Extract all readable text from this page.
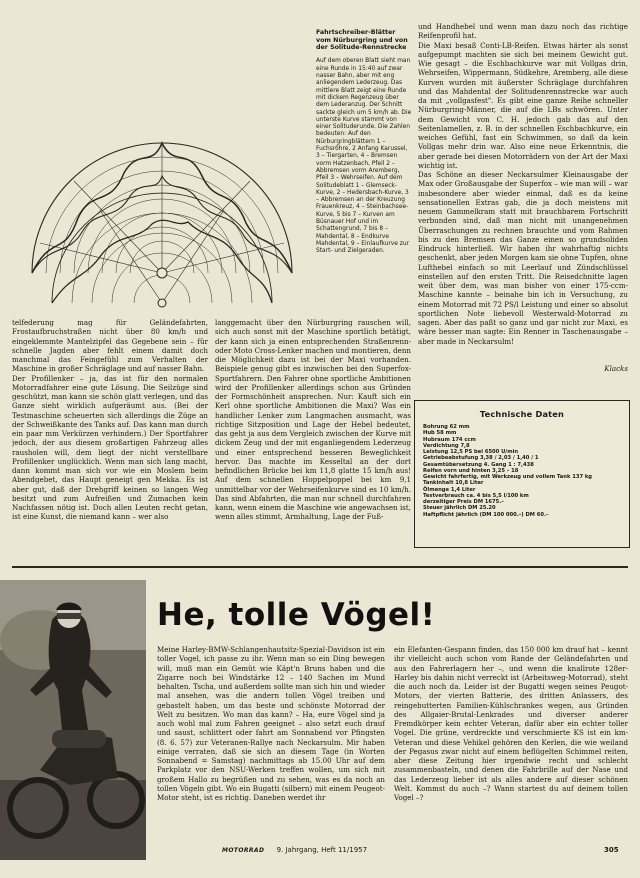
Fahrtschreiber-Blätter vom Nürburgring und von der Solitude-Rennstrecke

Auf dem oberen Blatt sieht man eine Runde in 15:40 auf zwar nasser Bahn, aber mit eng anliegendem Lederzeug. Das mittlere Blatt zeigt eine Runde mit dickem Regenzeug über dem Lederanzug. Der Schnitt sackte gleich um 5 km/h ab. Die unterste Kurve stammt von einer Solituderunde. Die Zahlen bedeuten: Auf den Nürburgringblättern 1 – Fuchsröhre, 2 Anfang Karussel, 3 – Tiergarten, 4 – Bremsen vorm Hatzenbach, Pfeil 2 – Abbremsen vorm Aremberg, Pfeil 3 – Wehrseifen. Auf dem Solitudeblatt 1 – Glemseck-Kurve, 2 – Hedersbach-Kurve, 3 – Abbremsen an der Kreuzung Frauenkreuz, 4 – Steinbachsee-Kurve, 5 bis 7 – Kurven am Büsnauer Hof und im Schattengrund, 7 bis 8 – Mahdental, 8 – Endkurve Mahdental, 9 – Einlaufkurve zur Start- und Zielgeraden.

und Handhebel und wenn man dazu noch das richtige Reifenprofil hat.
Die Maxi besaß Conti-LB-Reifen. Etwas härter als sonst aufgepumpt machten sie sich bei meinem Gewicht gut. Wie gesagt – die Eschbachkurve war mit Vollgas drin, Wehrseifen, Wippermann, Südkehre, Aremberg, alle diese Kurven wurden mit äußerster Schräglage durchfahren und das Mahdental der Solitudenrennstrecke war auch da mit „vollgasfest". Es gibt eine ganze Reihe schneller Nürburgring-Männer, die auf die LBs schwören. Unter dem Gewicht von C. H. jedoch gab das auf den Seitenlamellen, z. B. in der schnellen Eschbachkurve, ein weiches Gefühl, fast ein Schwimmen, so daß da kein Vollgas mehr drin war. Also eine neue Erkenntnis, die aber gerade bei diesen Motorrädern von der Art der Maxi wichtig ist.
Das Schöne an dieser Neckarsulmer Kleinausgabe der Max oder Großausgabe der Superfox – wie man will – war insbesondere aber wieder einmal, daß es da keine sensationellen Extras gab, die ja doch meistens mit neuem Gammelkram statt mit brauchbarem Fortschritt verbunden sind, daß man nicht mit unangenehmen Überraschungen zu rechnen brauchte und vom Rahmen bis zu den Bremsen das Ganze einen so grundsoliden Eindruck hinterließ. Wir haben ihr wahrhaftig nichts geschenkt, aber jeden Morgen kam sie ohne Tupfen, ohne Lufthebel einfach so mit Leerlauf und Zündschlüssel einstellen auf den ersten Tritt. Die Reisedchnitte lagen weit über dem, was man bisher von einer 175-ccm-Maschine kannte – beinahe bin ich in Versuchung, zu einem Motorrad mit 72 PS/l Leistung und einer so absolut sportlichen Note liebevoll Westerwald-Motorrad zu sagen. Aber das paßt so ganz und gar nicht zur Maxi, es wäre besser man sagte: Ein Renner in Taschenausgabe – aber made in Neckarsulm!
Klacks
telfederung mag für Geländefahrten, Frostaufbruchstraßen nicht über 80 km/h und eingeklemmte Mantelzipfel das Gegebene sein – für schnelle Jagden aber fehlt einem damit doch manchmal das Feingefühl zum Verhalten der Maschine in großer Schräglage und auf nasser Bahn.
Der Profillenker – ja, das ist für den normalen Motorradfahrer eine gute Lösung. Die Seilzüge sind geschützt, man kann sie schön glatt verlegen, und das Ganze sieht wirklich aufgeräumt aus. (Bei der Testmaschine scheuerten sich allerdings die Züge an der Schweißkante des Tanks auf. Das kann man durch ein paar mm Verkürzen verhindern.) Der Sportfahrer jedoch, der aus diesem großartigen Fahrzeug alles rausholen will, dem liegt der nicht verstellbare Profillenker unglücklich. Wenn man sich lang macht, dann kommt man sich vor wie ein Moslem beim Abendgebet, das Haupt geneigt gen Mekka. Es ist aber gut, daß der Drehgriff keinen so langen Weg besitzt und zum Aufreißen und Zumachen kein Nachfassen nötig ist. Doch allen Leuten recht getan, ist eine Kunst, die niemand kann – wer also
langgemacht über den Nürburgring rauschen will, sich auch sonst mit der Maschine sportlich betätigt, der kann sich ja einen entsprechenden Straßenrenn- oder Moto Cross-Lenker machen und montieren, denn die Möglichkeit dazu ist bei der Maxi vorhanden. Beispiele genug gibt es inzwischen bei den Superfox-Sportfahrern. Den Fahrer ohne sportliche Ambitionen wird der Profillenker allerdings schon aus Gründen der Formschönheit ansprechen. Nur: Kauft sich ein Kerl ohne sportliche Ambitionen die Maxi? Was ein handlicher Lenker zum Langmachen ausmacht, was richtige Sitzposition und Lage der Hebel bedeutet, das geht ja aus dem Vergleich zwischen der Kurve mit dickem Zeug und der mit enganliegendem Lederzeug und einer entsprechend besseren Beweglichkeit hervor. Das machte im Kesseltal an der dort befindlichen Brücke bei km 11,8 glatte 15 km/h aus! Auf dem schnellen Hoppelpoppel bei km 9,1 unmittelbar vor der Wehrseifenkurve sind es 10 km/h. Das sind Abfahrten, die man nur schnell durchfahren kann, wenn einem die Maschine wie angewachsen ist, wenn alles stimmt, Armhaltung, Lage der Fuß-
Technische Daten
Bohrung 62 mm
Hub 58 mm
Hubraum 174 ccm
Verdichtung 7,8
Leistung 12,5 PS bei 6500 U/min
Getriebeabstufung 3,38 / 2,03 / 1,40 / 1
Gesamtübersetzung 4. Gang 1 : 7,438
Reifen vorn und hinten 3,25 – 18
Gewicht fahrfertig, mit Werkzeug und vollem Tank 137 kg
Tankinhalt 10,8 Liter
Ölmenge 1,4 Liter
Testverbrauch ca. 4 bis 5,5 l/100 km
derzeitiger Preis DM 1675.–
Steuer jährlich DM 25.20
Haftpflicht jährlich (DM 100 000.–) DM 60.–
He, tolle Vögel!
Meine Harley-BMW-Schlangenhautsitz-Spezial-Davidson ist ein toller Vogel, ich passe zu ihr. Wenn man so ein Ding bewegen will, muß man ein Gemüt wie Käpt'n Bruns haben und die Zigarre noch bei Windstärke 12 – 140 Sachen im Mund behalten. Tscha, und außerdem sollte man sich hin und wieder mal ansehen, was die andern tollen Vögel treiben und gebastelt haben, um das beste und schönste Motorrad der Welt zu besitzen. Wo man das kann? – Ha, eure Vögel sind ja auch wohl mal zum Fahren geeignet – also setzt euch drauf und saust, schlittert oder fahrt am Sonnabend vor Pfingsten (8. 6. 57) zur Veteranen-Rallye nach Neckarsulm. Mir haben einige verraten, daß sie sich an diesem Tage (in Worten Sonnabend = Samstag) nachmittags ab 15.00 Uhr auf dem Parkplatz vor den NSU-Werken treffen wollen, um sich mit großem Hallo zu begrüßen und zu sehen, was es da noch an tollen Vögeln gibt. Wo ein Bugatti (silbern) mit einem Peugeot-Motor steht, ist es richtig. Daneben werdet ihr
ein Elefanten-Gespann finden, das 150 000 km drauf hat – kennt ihr vielleicht auch schon vom Rande der Geländefahrten und aus den Fahrerlagern her –, und wenn die knallrote 128er-Harley bis dahin nicht verreckt ist (Arbeitsweg-Motorrad), steht die auch noch da. Leider ist der Bugatti wegen seines Peugot-Motors, der vierten Batterie, des dritten Anlassers, des reingebutterten Familien-Kühlschrankes wegen, aus Gründen des Allgaier-Brutal-Lenkrades und diverser anderer Fremdkörper kein echter Veteran, dafür aber ein echter toller Vogel. Die grüne, verdreckte und verschmierte KS ist ein km-Veteran und diese Vehikel gehören den Kerlen, die wie weiland der Pegasus zwar nicht auf einem beflügelten Schimmel reiten, aber diese Zeitung hier irgendwie recht und schlecht zusammenbasteln, und denen die Fahrbrille auf der Nase und das Lederzeug lieber ist als alles andere auf dieser schönen Welt. Kommst du auch –? Wann startest du auf deinem tollen Vogel –?
MOTORRAD 9. Jahrgang, Heft 11/1957	305
